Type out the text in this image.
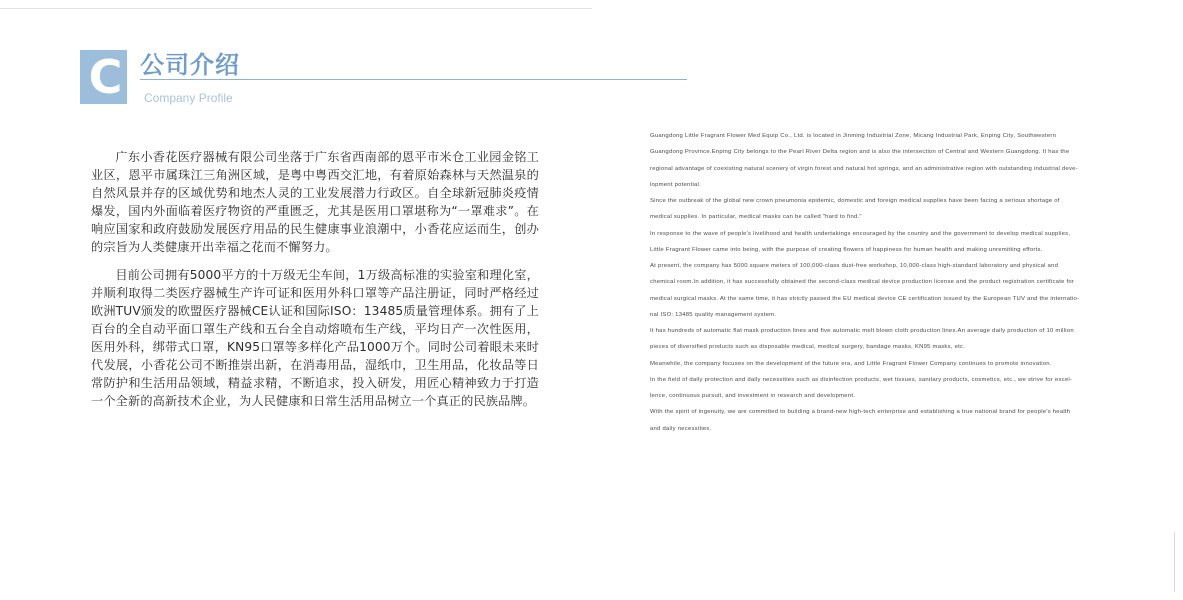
C 公司介绍
Company Profile

广东小香花医疗器械有限公司坐落于广东省西南部的恩平市米仓工业园金铭工业区，恩平市属珠江三角洲区域，是粤中粤西交汇地，有着原始森林与天然温泉的自然风景并存的区域优势和地杰人灵的工业发展潜力行政区。自全球新冠肺炎疫情爆发，国内外面临着医疗物资的严重匮乏，尤其是医用口罩堪称为“一罩难求”。在响应国家和政府鼓励发展医疗用品的民生健康事业浪潮中，小香花应运而生，创办的宗旨为人类健康开出幸福之花而不懈努力。

目前公司拥有5000平方的十万级无尘车间，1万级高标准的实验室和理化室，并顺利取得二类医疗器械生产许可证和医用外科口罩等产品注册证，同时严格经过欧洲TUV颁发的欧盟医疗器械CE认证和国际ISO：13485质量管理体系。拥有了上百台的全自动平面口罩生产线和五台全自动熔喷布生产线，平均日产一次性医用，医用外科，绑带式口罩，KN95口罩等多样化产品1000万个。同时公司着眼未来时代发展，小香花公司不断推崇出新，在消毒用品，湿纸巾，卫生用品，化妆品等日常防护和生活用品领域，精益求精，不断追求，投入研发，用匠心精神致力于打造一个全新的高新技术企业，为人民健康和日常生活用品树立一个真正的民族品牌。

Guangdong Little Fragrant Flower Med Equip Co., Ltd. is located in Jinming Industrial Zone, Micang Industrial Park, Enping City, Southwestern

Guangdong Province.Enping City belongs to the Pearl River Delta region and is also the intersection of Central and Western Guangdong. It has the

regional advantage of coexisting natural scenery of virgin forest and natural hot springs, and an administrative region with outstanding industrial deve-

lopment potential.

Since the outbreak of the global new crown pneumonia epidemic, domestic and foreign medical supplies have been facing a serious shortage of

medical supplies. In particular, medical masks can be called "hard to find."

In response to the wave of people's livelihood and health undertakings encouraged by the country and the government to develop medical supplies,

Little Fragrant Flower came into being, with the purpose of creating flowers of happiness for human health and making unremitting efforts.

At present, the company has 5000 square meters of 100,000-class dust-free workshop, 10,000-class high-standard laboratory and physical and

chemical room.In addition, it has successfully obtained the second-class medical device production license and the product registration certificate for

medical surgical masks. At the same time, it has strictly passed the EU medical device CE certification issued by the European TUV and the internatio-

nal ISO: 13485 quality management system.

It has hundreds of automatic flat mask production lines and five automatic melt blown cloth production lines.An average daily production of 10 million

pieces of diversified products such as disposable medical, medical surgery, bandage masks, KN95 masks, etc.

Meanwhile, the company focuses on the development of the future era, and Little Fragrant Flower Company continues to promote innovation.

In the field of daily protection and daily necessities such as disinfection products, wet tissues, sanitary products, cosmetics, etc., we strive for excel-

lence, continuous pursuit, and investment in research and development.

With the spirit of ingenuity, we are committed to building a brand-new high-tech enterprise and establishing a true national brand for people's health

and daily necessities.
